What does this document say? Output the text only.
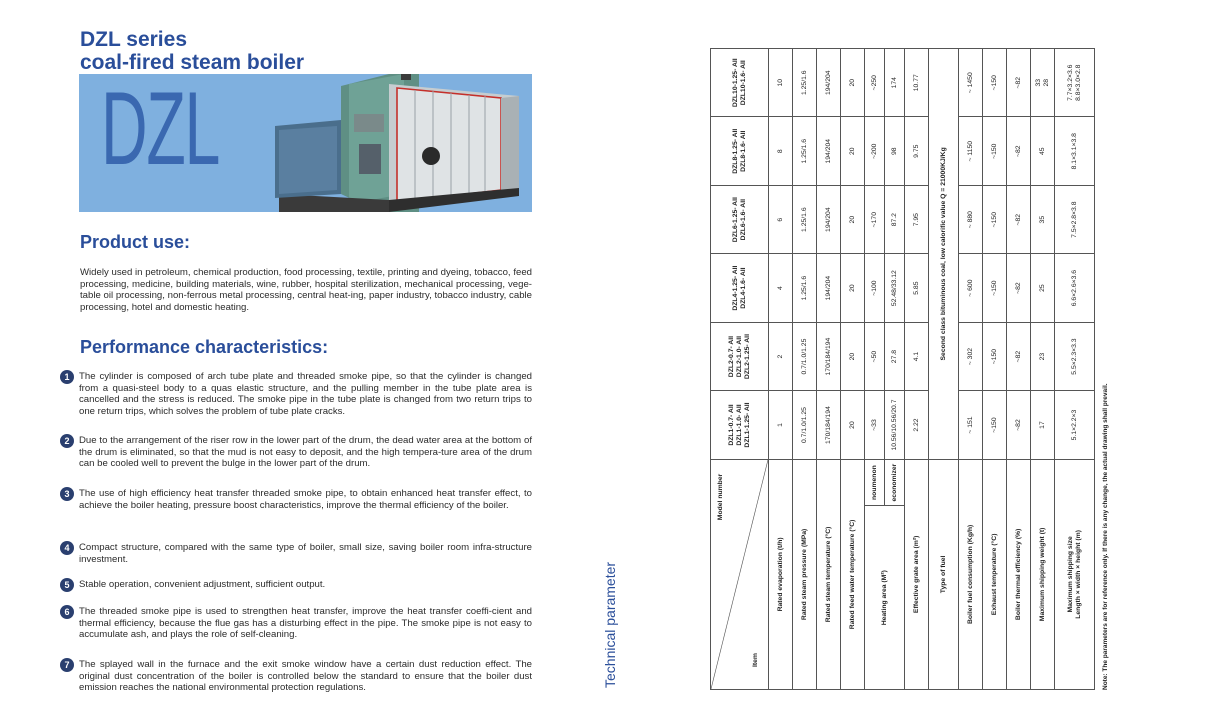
DZL series
coal-fired steam boiler
DZL
Product use:
Widely used in petroleum, chemical production, food processing, textile, printing and dyeing, tobacco, feed processing, medicine, building materials, wine, rubber, hospital sterilization, mechanical processing, vege-table oil processing, non-ferrous metal processing, central heat-ing, paper industry, tobacco industry, cable processing, hotel and domestic heating.
Performance characteristics:
1 The cylinder is composed of arch tube plate and threaded smoke pipe, so that the cylinder is changed from a quasi-steel body to a quas elastic structure, and the pulling member in the tube plate area is cancelled and the stress is reduced. The smoke pipe in the tube plate is changed from two return trips to one return trips, which solves the problem of tube plate cracks.
2 Due to the arrangement of the riser row in the lower part of the drum, the dead water area at the bottom of the drum is eliminated, so that the mud is not easy to deposit, and the high tempera-ture area of the drum can be cooled well to prevent the bulge in the lower part of the drum.
3 The use of high efficiency heat transfer threaded smoke pipe, to obtain enhanced heat transfer effect, to achieve the boiler heating, pressure boost characteristics, improve the thermal efficiency of the boiler.
4 Compact structure, compared with the same type of boiler, small size, saving boiler room infra-structure investment.
5 Stable operation, convenient adjustment, sufficient output.
6 The threaded smoke pipe is used to strengthen heat transfer, improve the heat transfer coeffi-cient and thermal efficiency, because the flue gas has a disturbing effect in the pipe. The smoke pipe is not easy to accumulate ash, and plays the role of self-cleaning.
7 The splayed wall in the furnace and the exit smoke window have a certain dust reduction effect. The original dust concentration of the boiler is controlled below the standard to ensure that the boiler dust emission reaches the national environmental protection regulations.	Technical parameter
Model number
Item		DZL1-0.7- AII DZL1-1.0- AII DZL1-1.25- AII	DZL2-0.7- AII DZL2-1.0- AII DZL2-1.25- AII	DZL4-1.25- AII DZL4-1.6- AII	DZL6-1.25- AII DZL6-1.6- AII	DZL8-1.25- AII DZL8-1.6- AII	DZL10-1.25- AII DZL10-1.6- AII

Rated evaporation (t/h)		1	2	4	6	8	10

Rated steam pressure (MPa)		0.7/1.0/1.25	0.7/1.0/1.25	1.25/1.6	1.25/1.6	1.25/1.6	1.25/1.6

Rated steam temperature (°C)		170/184/194	170/184/194	194/204	194/204	194/204	194/204

Rated feed water temperature (°C)		20	20	20	20	20	20

Heating area (M²)	noumenon	~33	~50	~100	~170	~200	~250
	economizer	10.56/10.56/20.7	27.8	52.48/33.12	87.2	98	174
Effective grate area (m²)		2.22	4.1	5.85	7.95	9.75	10.77

Type of fuel		Second class bituminous coal, low calorific value Q = 21000KJ/Kg					
Boiler fuel consumption (Kg/h)		~ 151	~ 302	~ 600	~ 880	~ 1150	~ 1450

Exhaust temperature (°C)		~150	~150	~150	~150	~150	~150

Boiler thermal efficiency (%)		~82	~82	~82	~82	~82	~82

Maximum shipping weight (t)		17	23	25	35	45	33 28

Maximum shipping size Length × width × height (m)		5.1×2.2×3	5.5×2.3×3.3	6.6×2.6×3.6	7.5×2.8×3.8	8.1×3.1×3.8	7.7×3.2×3.6 8.8×3.0×2.8
Note: The parameters are for reference only. If there is any change, the actual drawing shall prevail.
